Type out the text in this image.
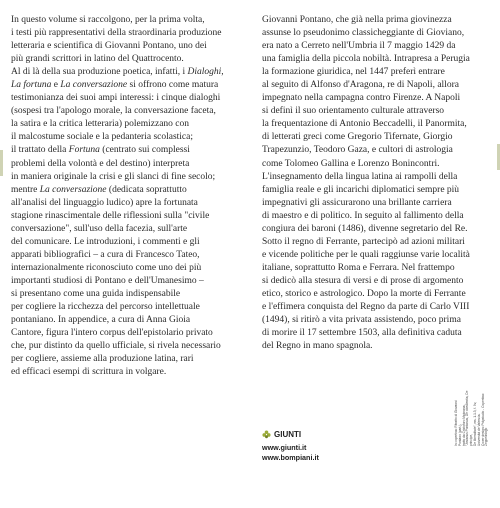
In questo volume si raccolgono, per la prima volta,
i testi più rappresentativi della straordinaria produzione
letteraria e scientifica di Giovanni Pontano, uno dei
più grandi scrittori in latino del Quattrocento.
Al di là della sua produzione poetica, infatti, i Dialoghi,
La fortuna e La conversazione si offrono come matura
testimonianza dei suoi ampi interessi: i cinque dialoghi
(sospesi tra l'apologo morale, la conversazione faceta,
la satira e la critica letteraria) polemizzano con
il malcostume sociale e la pedanteria scolastica;
il trattato della Fortuna (centrato sui complessi
problemi della volontà e del destino) interpreta
in maniera originale la crisi e gli slanci di fine secolo;
mentre La conversazione (dedicata soprattutto
all'analisi del linguaggio ludico) apre la fortunata
stagione rinascimentale delle riflessioni sulla "civile
conversazione", sull'uso della facezia, sull'arte
del comunicare. Le introduzioni, i commenti e gli
apparati bibliografici – a cura di Francesco Tateo,
internazionalmente riconosciuto come uno dei più
importanti studiosi di Pontano e dell'Umanesimo –
si presentano come una guida indispensabile
per cogliere la ricchezza del percorso intellettuale
pontaniano. In appendice, a cura di Anna Gioia
Cantore, figura l'intero corpus dell'epistolario privato
che, pur distinto da quello ufficiale, si rivela necessario
per cogliere, assieme alla produzione latina, rari
ed efficaci esempi di scrittura in volgare.
Giovanni Pontano, che già nella prima giovinezza
assunse lo pseudonimo classicheggiante di Gioviano,
era nato a Cerreto nell'Umbria il 7 maggio 1429 da
una famiglia della piccola nobiltà. Intrapresa a Perugia
la formazione giuridica, nel 1447 preferì entrare
al seguito di Alfonso d'Aragona, re di Napoli, allora
impegnato nella campagna contro Firenze. A Napoli
si definì il suo orientamento culturale attraverso
la frequentazione di Antonio Beccadelli, il Panormita,
di letterati greci come Gregorio Tifernate, Giorgio
Trapezunzio, Teodoro Gaza, e cultori di astrologia
come Tolomeo Gallina e Lorenzo Bonincontri.
L'insegnamento della lingua latina ai rampolli della
famiglia reale e gli incarichi diplomatici sempre più
impegnativi gli assicurarono una brillante carriera
di maestro e di politico. In seguito al fallimento della
congiura dei baroni (1486), divenne segretario del Re.
Sotto il regno di Ferrante, partecipò ad azioni militari
e vicende politiche per le quali raggiunse varie località
italiane, soprattutto Roma e Ferrara. Nel frattempo
si dedicò alla stesura di versi e di prose di argomento
etico, storico e astrologico. Dopo la morte di Ferrante
e l'effimera conquista del Regno da parte di Carlo VIII
(1494), si ritirò a vita privata assistendo, poco prima
di morire il 17 settembre 1503, alla definitiva caduta
del Regno in mano spagnola.
GIUNTI
www.giunti.it
www.bompiani.it
In copertina: Ritratto di Giovanni Pontano (part.), tratto da Cristoforo Majorana, "Jovianus Pontanus, De obedientia, De principe, De liberalitate", ms. 1.1.3, f. 9v, Università de Valencia. Cover design: Polystudio - Copertina: Zeppelinlogo
